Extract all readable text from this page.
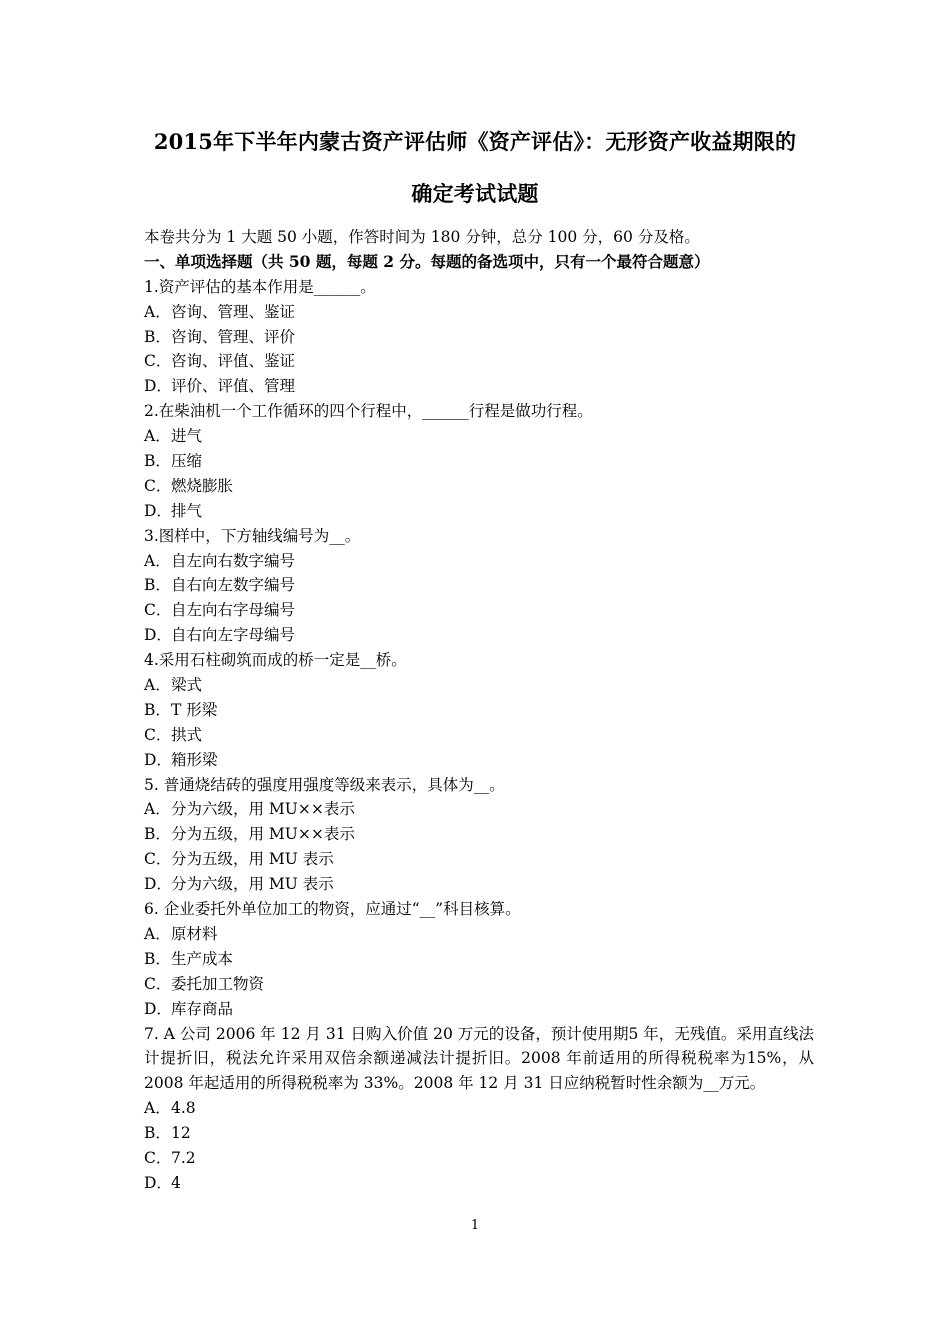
2015年下半年内蒙古资产评估师《资产评估》：无形资产收益期限的
确定考试试题
本卷共分为 1 大题 50 小题，作答时间为 180 分钟，总分 100 分，60 分及格。
一、单项选择题（共 50 题，每题 2 分。每题的备选项中，只有一个最符合题意）
1.资产评估的基本作用是______。
A．咨询、管理、鉴证
B．咨询、管理、评价
C．咨询、评值、鉴证
D．评价、评值、管理
2.在柴油机一个工作循环的四个行程中，______行程是做功行程。
A．进气
B．压缩
C．燃烧膨胀
D．排气
3.图样中，下方轴线编号为__。
A．自左向右数字编号
B．自右向左数字编号
C．自左向右字母编号
D．自右向左字母编号
4.采用石柱砌筑而成的桥一定是__桥。
A．梁式
B．T 形梁
C．拱式
D．箱形梁
5. 普通烧结砖的强度用强度等级来表示，具体为__。
A．分为六级，用 MU××表示
B．分为五级，用 MU××表示
C．分为五级，用 MU 表示
D．分为六级，用 MU 表示
6. 企业委托外单位加工的物资，应通过“__”科目核算。
A．原材料
B．生产成本
C．委托加工物资
D．库存商品
7. A 公司 2006 年 12 月 31 日购入价值 20 万元的设备，预计使用期5 年，无残值。采用直线法计提折旧，税法允许采用双倍余额递减法计提折旧。2008 年前适用的所得税税率为15%，从 2008 年起适用的所得税税率为 33%。2008 年 12 月 31 日应纳税暂时性余额为__万元。
A．4.8
B．12
C．7.2
D．4
1
